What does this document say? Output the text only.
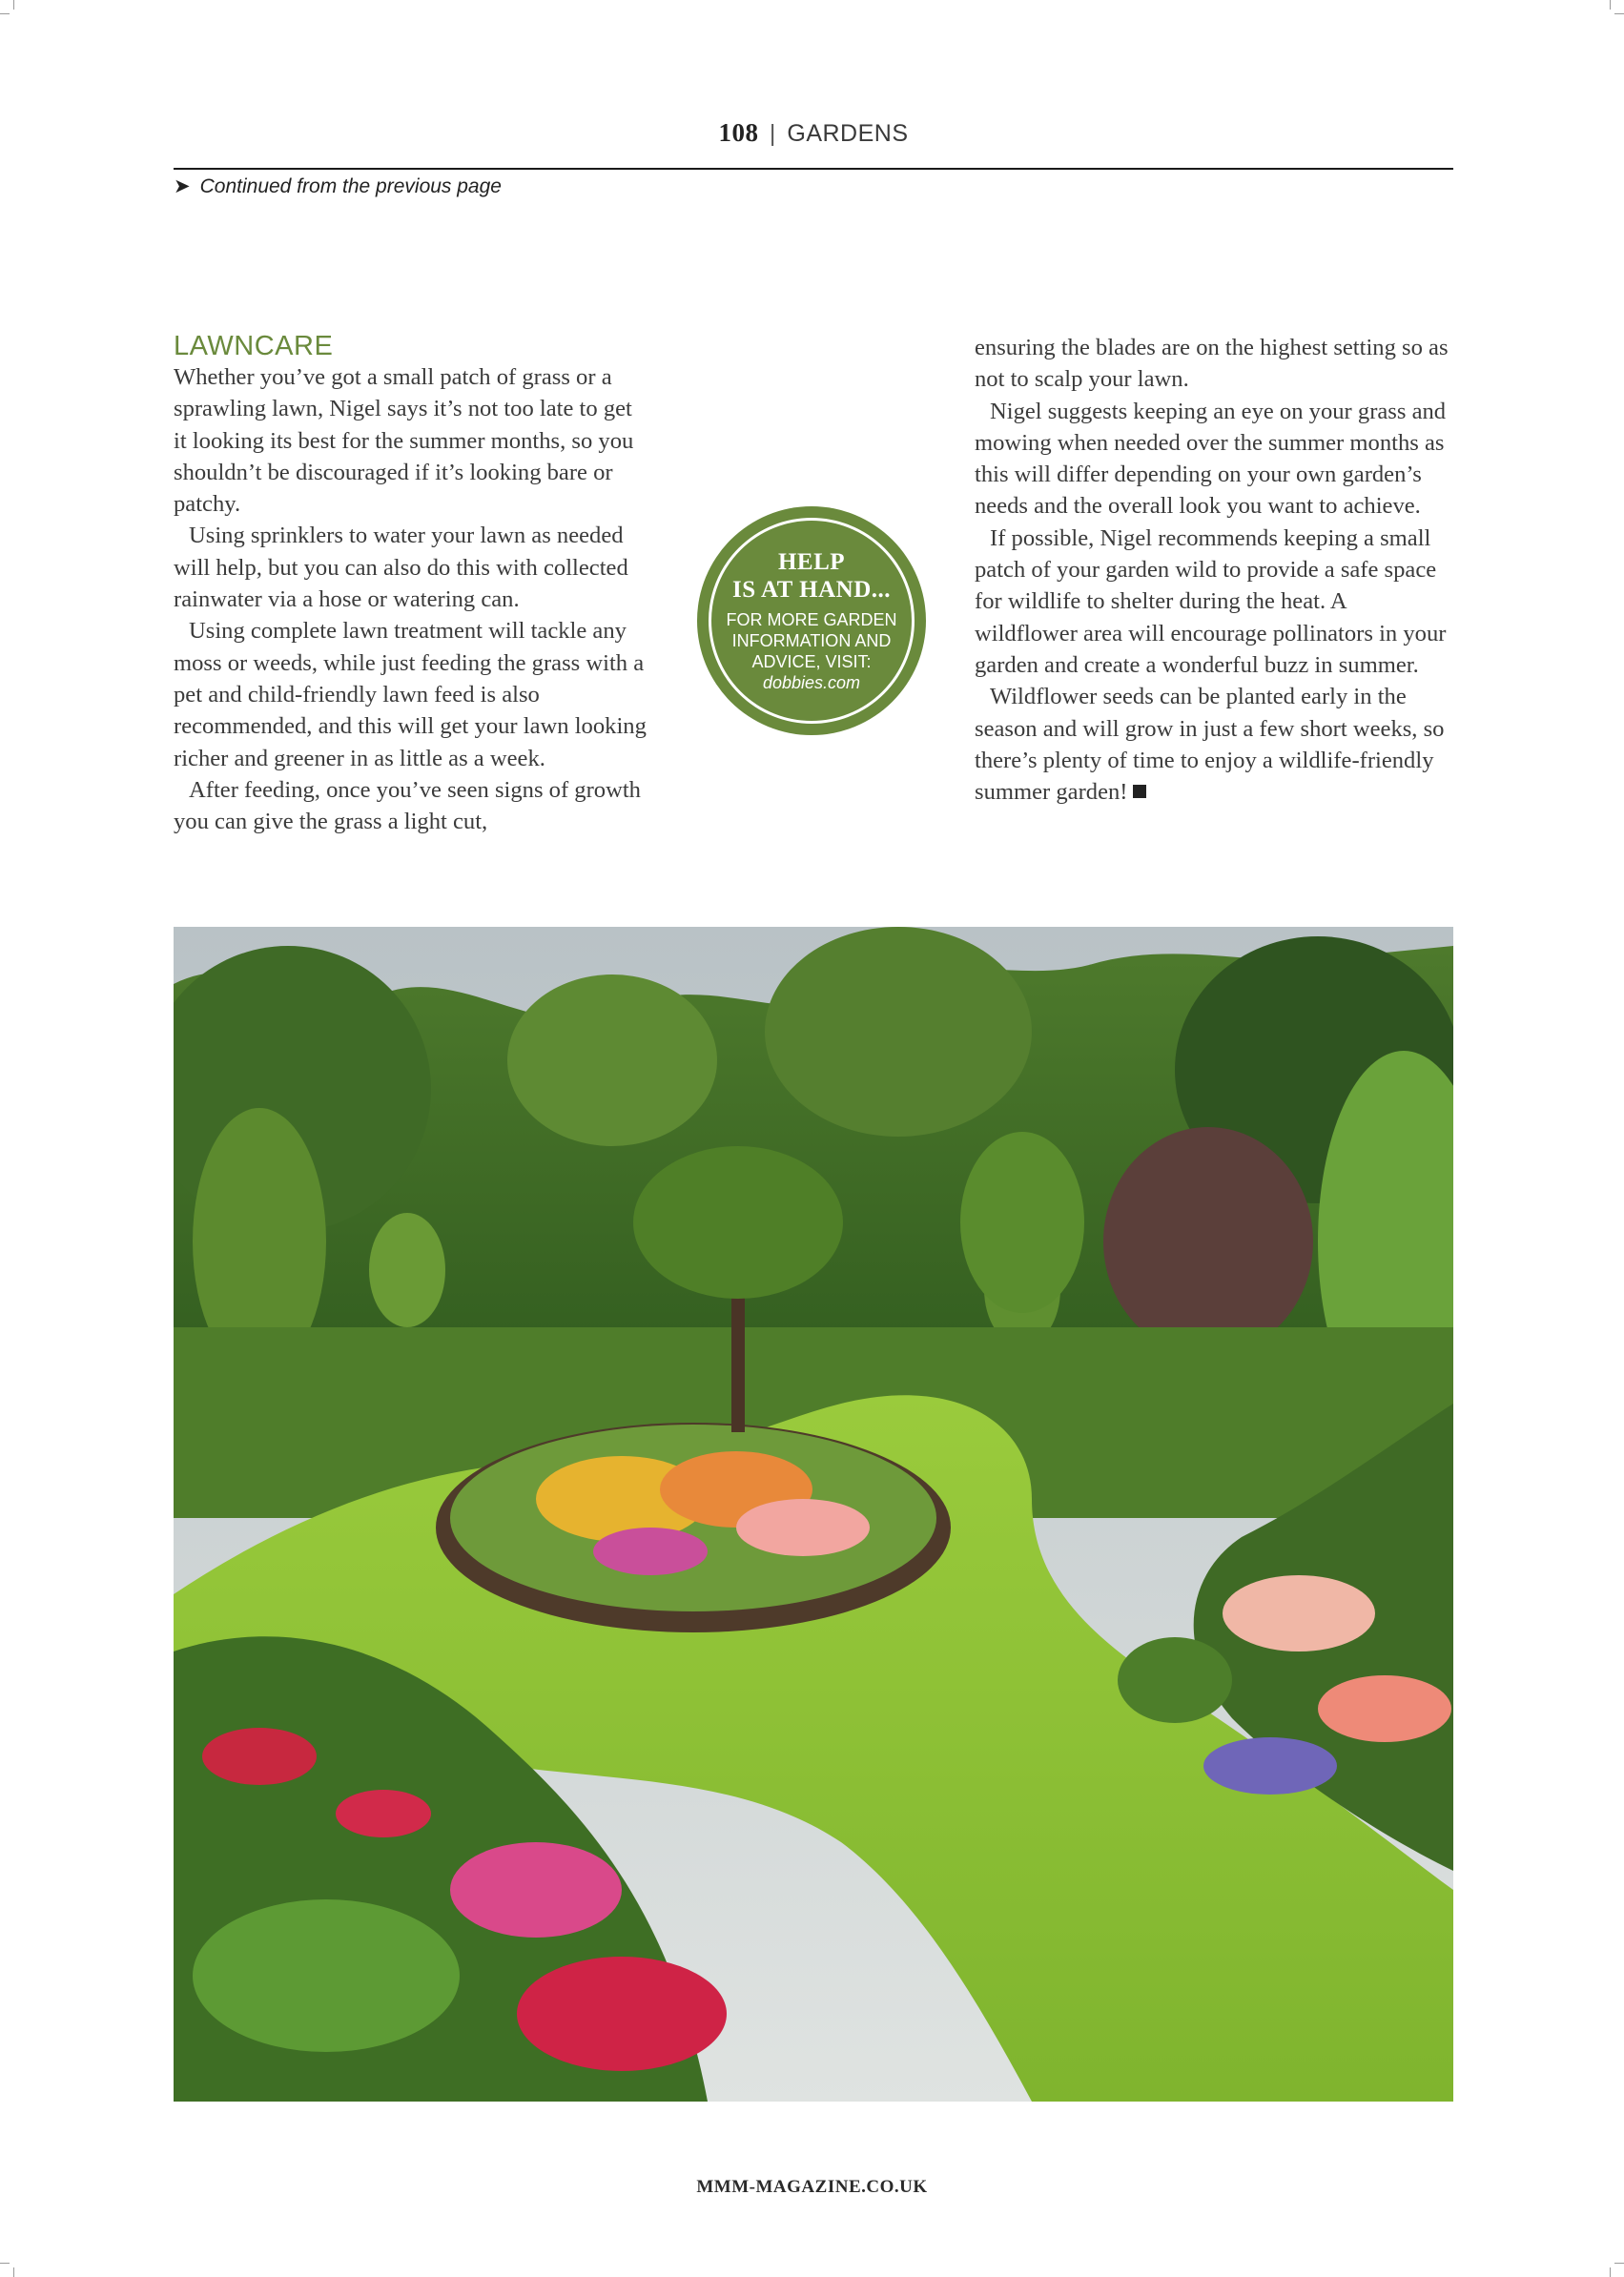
108 | GARDENS
➤ Continued from the previous page
LAWNCARE

Whether you’ve got a small patch of grass or a sprawling lawn, Nigel says it’s not too late to get it looking its best for the summer months, so you shouldn’t be discouraged if it’s looking bare or patchy.

Using sprinklers to water your lawn as needed will help, but you can also do this with collected rainwater via a hose or watering can.

Using complete lawn treatment will tackle any moss or weeds, while just feeding the grass with a pet and child-friendly lawn feed is also recommended, and this will get your lawn looking richer and greener in as little as a week.

After feeding, once you’ve seen signs of growth you can give the grass a light cut,

ensuring the blades are on the highest setting so as not to scalp your lawn.

Nigel suggests keeping an eye on your grass and mowing when needed over the summer months as this will differ depending on your own garden’s needs and the overall look you want to achieve.

If possible, Nigel recommends keeping a small patch of your garden wild to provide a safe space for wildlife to shelter during the heat. A wildflower area will encourage pollinators in your garden and create a wonderful buzz in summer.

Wildflower seeds can be planted early in the season and will grow in just a few short weeks, so there’s plenty of time to enjoy a wildlife-friendly summer garden!

HELP
IS AT HAND...
FOR MORE GARDEN
INFORMATION AND
ADVICE, VISIT:
dobbies.com
MMM-MAGAZINE.CO.UK
